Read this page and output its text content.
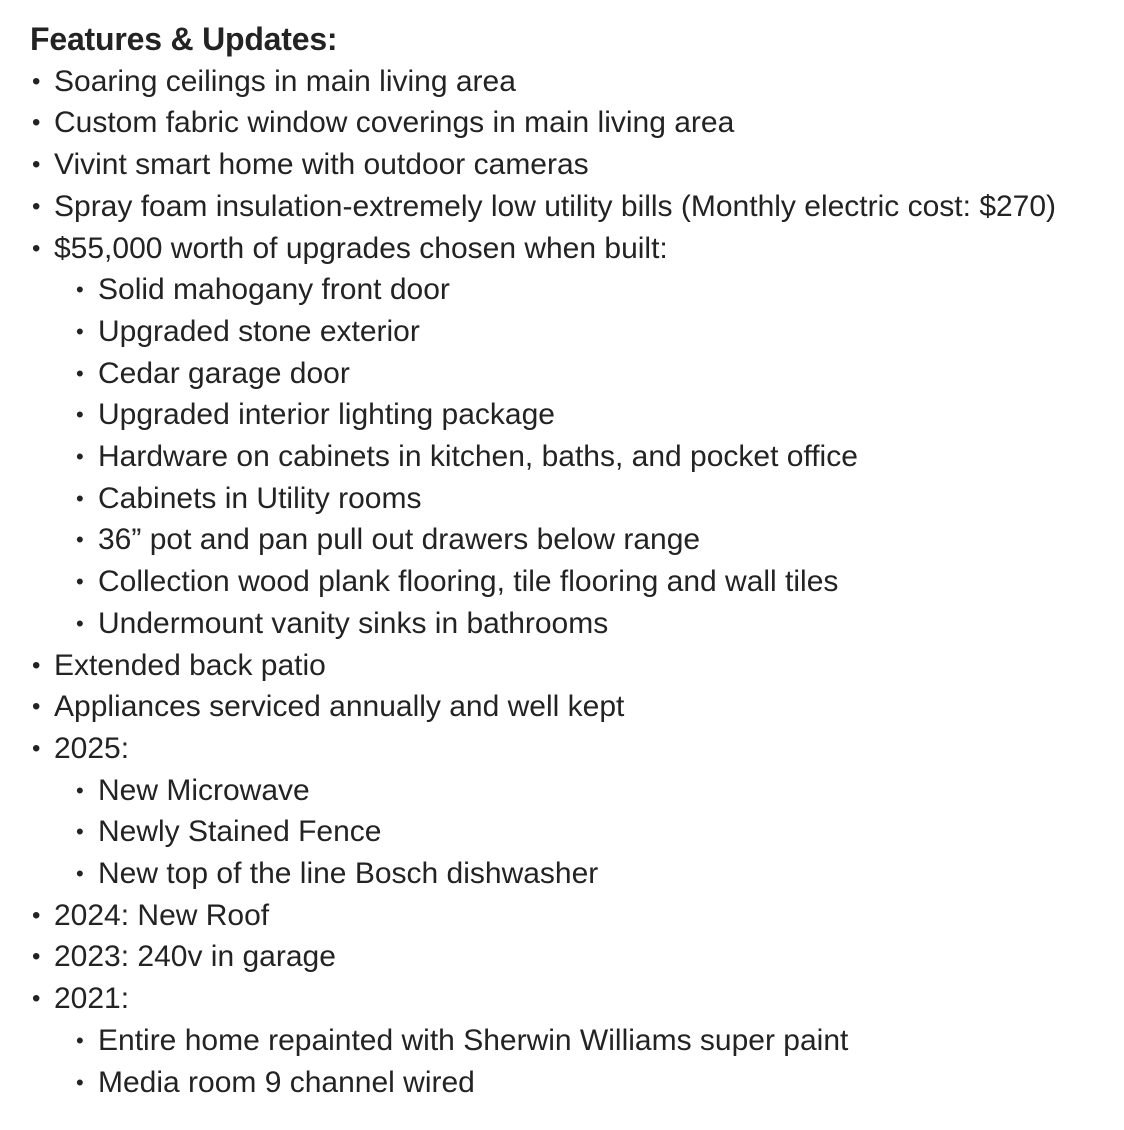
Features & Updates:
• Soaring ceilings in main living area
• Custom fabric window coverings in main living area
• Vivint smart home with outdoor cameras
• Spray foam insulation-extremely low utility bills (Monthly electric cost: $270)
• $55,000 worth of upgrades chosen when built:
• Solid mahogany front door
• Upgraded stone exterior
• Cedar garage door
• Upgraded interior lighting package
• Hardware on cabinets in kitchen, baths, and pocket office
• Cabinets in Utility rooms
• 36” pot and pan pull out drawers below range
• Collection wood plank flooring, tile flooring and wall tiles
• Undermount vanity sinks in bathrooms
• Extended back patio
• Appliances serviced annually and well kept
• 2025:
• New Microwave
• Newly Stained Fence
• New top of the line Bosch dishwasher
• 2024: New Roof
• 2023: 240v in garage
• 2021:
• Entire home repainted with Sherwin Williams super paint
• Media room 9 channel wired
